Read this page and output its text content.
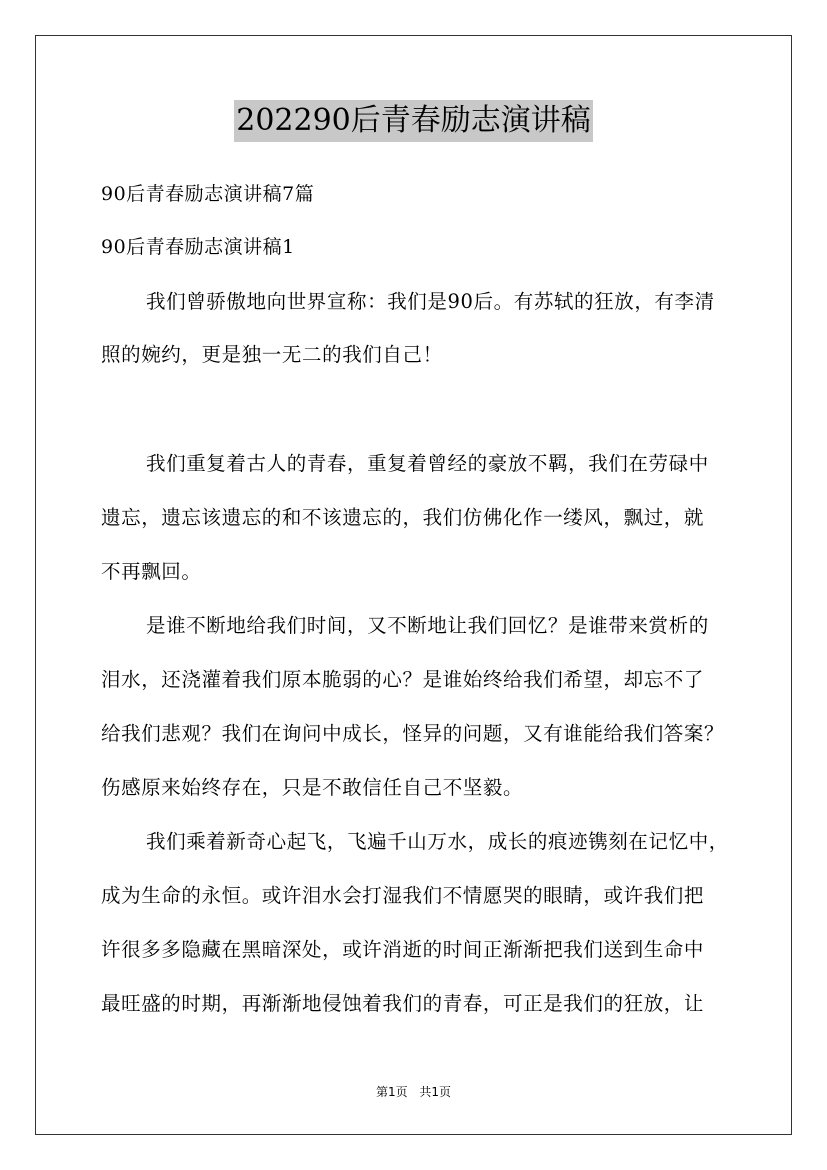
202290后青春励志演讲稿
90后青春励志演讲稿7篇
90后青春励志演讲稿1
我们曾骄傲地向世界宣称：我们是90后。有苏轼的狂放，有李清
照的婉约，更是独一无二的我们自己！
我们重复着古人的青春，重复着曾经的豪放不羁，我们在劳碌中
遗忘，遗忘该遗忘的和不该遗忘的，我们仿佛化作一缕风，飘过，就
不再飘回。
是谁不断地给我们时间，又不断地让我们回忆？是谁带来赏析的
泪水，还浇灌着我们原本脆弱的心？是谁始终给我们希望，却忘不了
给我们悲观？我们在询问中成长，怪异的问题，又有谁能给我们答案？
伤感原来始终存在，只是不敢信任自己不坚毅。
我们乘着新奇心起飞，飞遍千山万水，成长的痕迹镌刻在记忆中，
成为生命的永恒。或许泪水会打湿我们不情愿哭的眼睛，或许我们把
许很多多隐藏在黑暗深处，或许消逝的时间正渐渐把我们送到生命中
最旺盛的时期，再渐渐地侵蚀着我们的青春，可正是我们的狂放，让
第1页 共1页
